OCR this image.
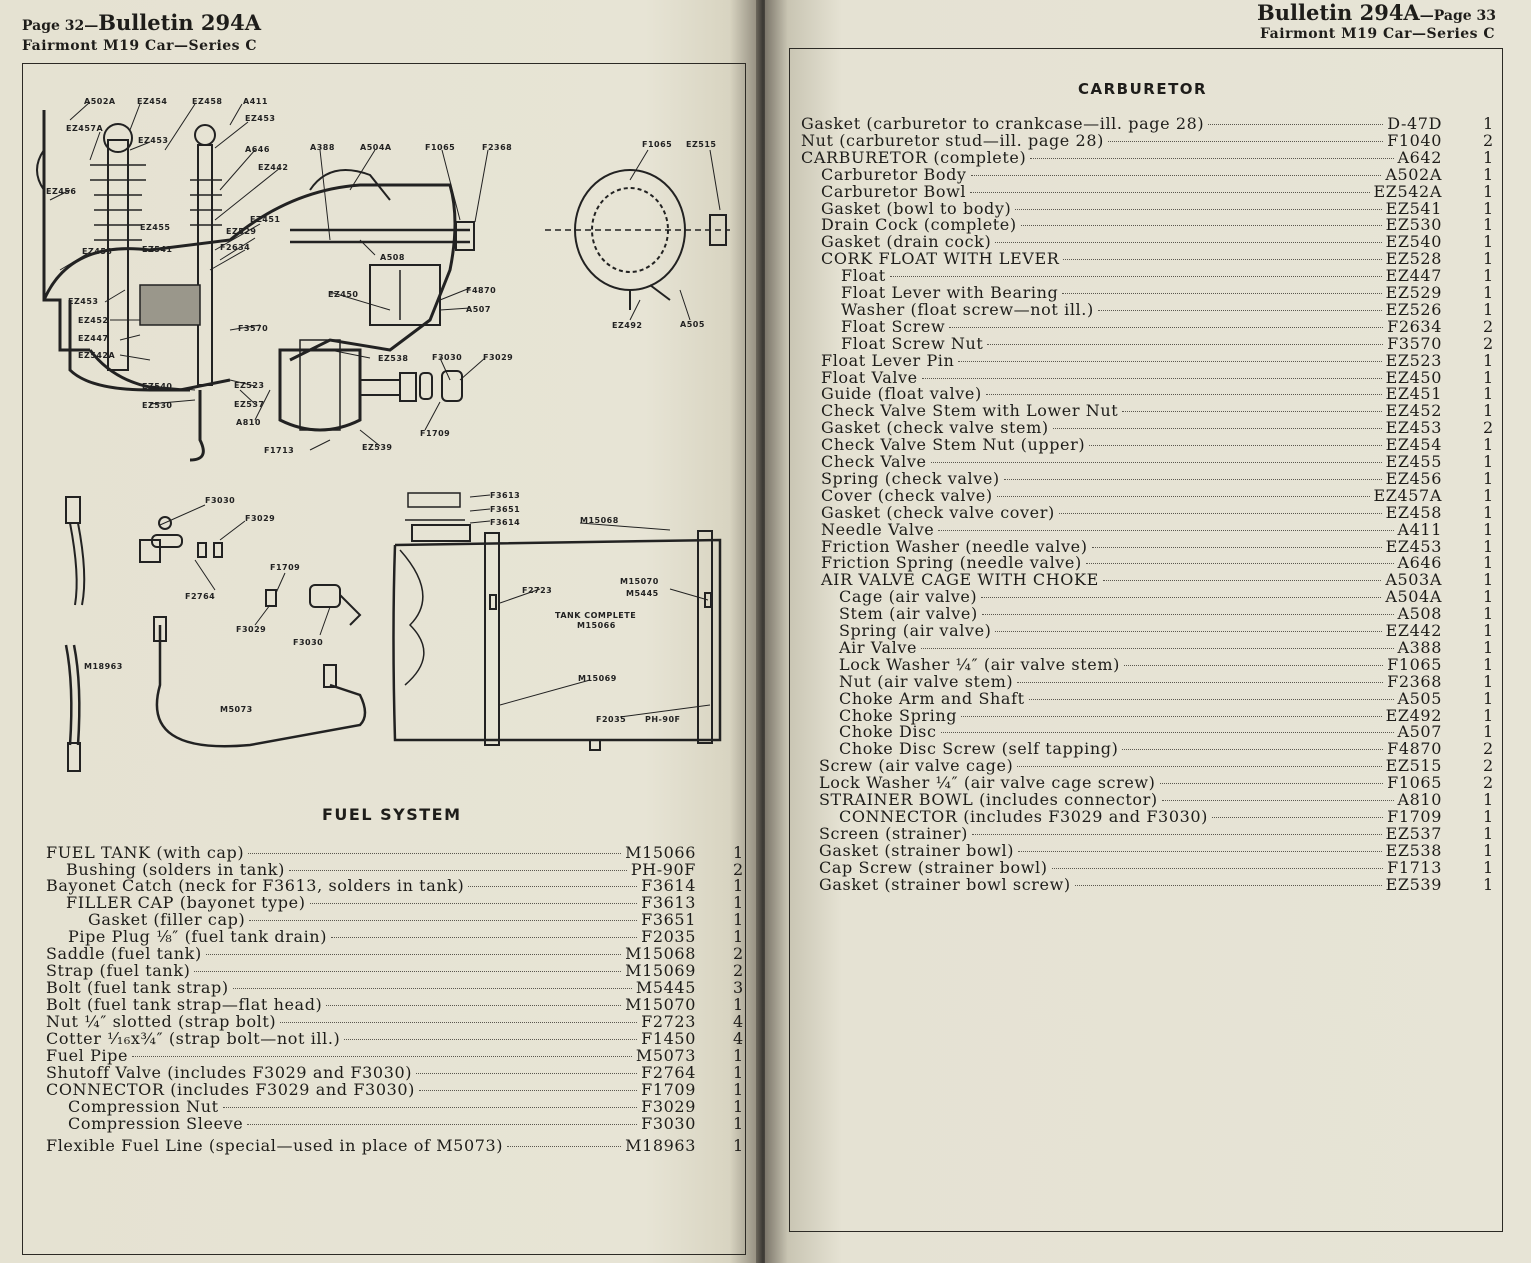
Page 32—Bulletin 294A
Fairmont M19 Car—Series C
A502A	EZ454	EZ458	A411
EZ453
EZ457A
EZ453
A646	A388	A504A	F1065	F2368	F1065 EZ515
EZ442
EZ456
EZ451
EZ455	EZ529
A508
EZ541	F2634
F4870
EZ453
EZ450
A507
EZ453
EZ452
F3570	EZ492	A505
EZ447
EZ538	F3030	F3029
EZ542A
EZ540	EZ523
EZ530	EZ537
A810
F1709
F1713	EZ539
F3030
F3029
F1709
F2764
F3029
F3030
M18963
M5073
F3613
F3651
F3614	M15068
F2723
M15070
M5445
TANK COMPLETE
M15066
M15069
F2035 PH-90F
FUEL SYSTEM
FUEL TANK (with cap)	M15066 1
Bushing (solders in tank)	PH-90F 2
Bayonet Catch (neck for F3613, solders in tank)	F3614 1
FILLER CAP (bayonet type)	F3613 1
Gasket (filler cap)	F3651 1
Pipe Plug ⅛″ (fuel tank drain)	F2035 1
Saddle (fuel tank)	M15068 2
Strap (fuel tank)	M15069 2
Bolt (fuel tank strap)	M5445 3
Bolt (fuel tank strap—flat head)	M15070 1
Nut ¼″ slotted (strap bolt)	F2723 4
Cotter ⅟₁₆x¾″ (strap bolt—not ill.)	F1450 4
Fuel Pipe	M5073 1
Shutoff Valve (includes F3029 and F3030)	F2764 1
CONNECTOR (includes F3029 and F3030)	F1709 1
Compression Nut	F3029 1
Compression Sleeve	F3030 1
Flexible Fuel Line (special—used in place of M5073)	M18963 1
Bulletin 294A—Page 33
Fairmont M19 Car—Series C
CARBURETOR
Gasket (carburetor to crankcase—ill. page 28)	D-47D	1
Nut (carburetor stud—ill. page 28)	F1040	2
CARBURETOR (complete)	A642	1
Carburetor Body	A502A	1
Carburetor Bowl	EZ542A	1
Gasket (bowl to body)	EZ541	1
Drain Cock (complete)	EZ530	1
Gasket (drain cock)	EZ540	1
CORK FLOAT WITH LEVER	EZ528	1
Float	EZ447	1
Float Lever with Bearing	EZ529	1
Washer (float screw—not ill.)	EZ526	1
Float Screw	F2634	2
Float Screw Nut	F3570	2
Float Lever Pin	EZ523	1
Float Valve	EZ450	1
Guide (float valve)	EZ451	1
Check Valve Stem with Lower Nut	EZ452	1
Gasket (check valve stem)	EZ453	2
Check Valve Stem Nut (upper)	EZ454	1
Check Valve	EZ455	1
Spring (check valve)	EZ456	1
Cover (check valve)	EZ457A	1
Gasket (check valve cover)	EZ458	1
Needle Valve	A411	1
Friction Washer (needle valve)	EZ453	1
Friction Spring (needle valve)	A646	1
AIR VALVE CAGE WITH CHOKE	A503A	1
Cage (air valve)	A504A	1
Stem (air valve)	A508	1
Spring (air valve)	EZ442	1
Air Valve	A388	1
Lock Washer ¼″ (air valve stem)	F1065	1
Nut (air valve stem)	F2368	1
Choke Arm and Shaft	A505	1
Choke Spring	EZ492	1
Choke Disc	A507	1
Choke Disc Screw (self tapping)	F4870	2
Screw (air valve cage)	EZ515	2
Lock Washer ¼″ (air valve cage screw)	F1065	2
STRAINER BOWL (includes connector)	A810	1
CONNECTOR (includes F3029 and F3030)	F1709	1
Screen (strainer)	EZ537	1
Gasket (strainer bowl)	EZ538	1
Cap Screw (strainer bowl)	F1713	1
Gasket (strainer bowl screw)	EZ539	1
